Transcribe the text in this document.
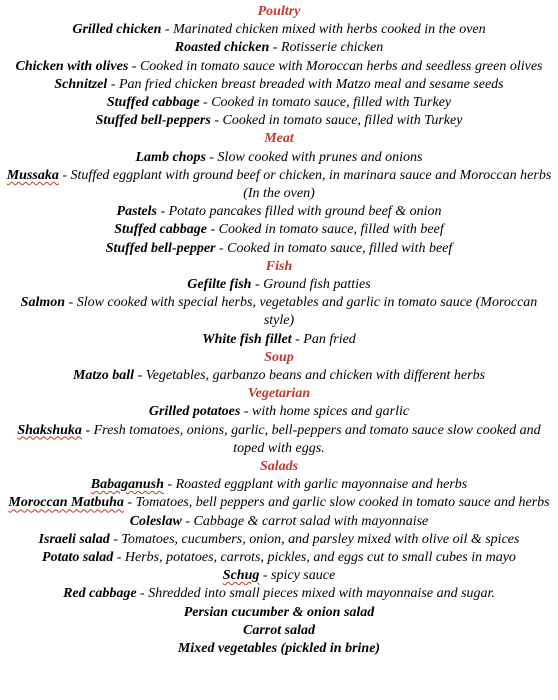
Poultry
Grilled chicken - Marinated chicken mixed with herbs cooked in the oven
Roasted chicken - Rotisserie chicken
Chicken with olives - Cooked in tomato sauce with Moroccan herbs and seedless green olives
Schnitzel - Pan fried chicken breast breaded with Matzo meal and sesame seeds
Stuffed cabbage - Cooked in tomato sauce, filled with Turkey
Stuffed bell-peppers - Cooked in tomato sauce, filled with Turkey
Meat
Lamb chops - Slow cooked with prunes and onions
Mussaka - Stuffed eggplant with ground beef or chicken, in marinara sauce and Moroccan herbs (In the oven)
Pastels - Potato pancakes filled with ground beef & onion
Stuffed cabbage - Cooked in tomato sauce, filled with beef
Stuffed bell-pepper - Cooked in tomato sauce, filled with beef
Fish
Gefilte fish - Ground fish patties
Salmon - Slow cooked with special herbs, vegetables and garlic in tomato sauce (Moroccan style)
White fish fillet - Pan fried
Soup
Matzo ball - Vegetables, garbanzo beans and chicken with different herbs
Vegetarian
Grilled potatoes - with home spices and garlic
Shakshuka - Fresh tomatoes, onions, garlic, bell-peppers and tomato sauce slow cooked and toped with eggs.
Salads
Babaganush - Roasted eggplant with garlic mayonnaise and herbs
Moroccan Matbuha - Tomatoes, bell peppers and garlic slow cooked in tomato sauce and herbs
Coleslaw - Cabbage & carrot salad with mayonnaise
Israeli salad - Tomatoes, cucumbers, onion, and parsley mixed with olive oil & spices
Potato salad - Herbs, potatoes, carrots, pickles, and eggs cut to small cubes in mayo
Schug - spicy sauce
Red cabbage - Shredded into small pieces mixed with mayonnaise and sugar.
Persian cucumber & onion salad
Carrot salad
Mixed vegetables (pickled in brine)
